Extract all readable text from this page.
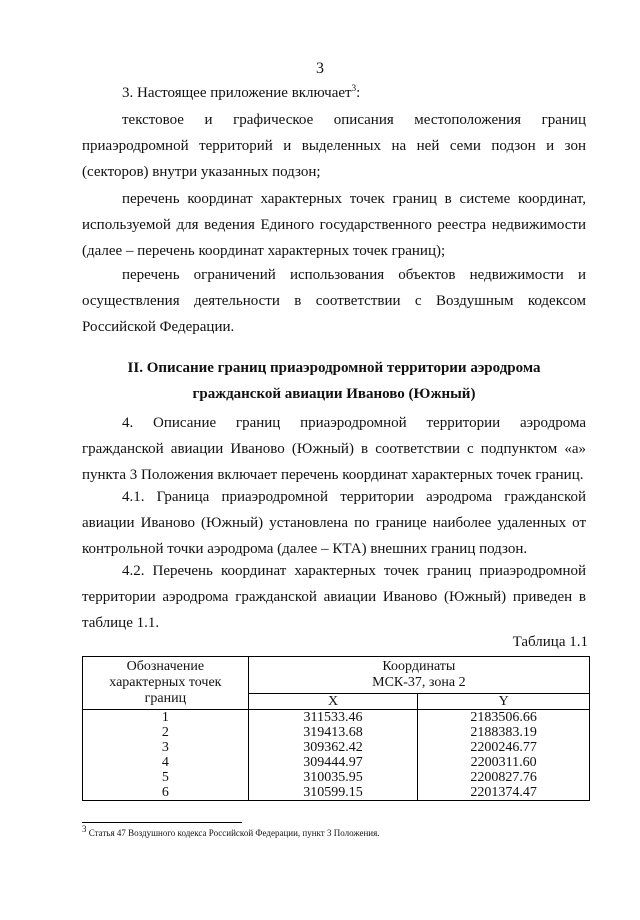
3
3. Настоящее приложение включает$^3$:
текстовое и графическое описания местоположения границ приаэродромной территорий и выделенных на ней семи подзон и зон (секторов) внутри указанных подзон;
перечень координат характерных точек границ в системе координат, используемой для ведения Единого государственного реестра недвижимости (далее – перечень координат характерных точек границ);
перечень ограничений использования объектов недвижимости и осуществления деятельности в соответствии с Воздушным кодексом Российской Федерации.
II. Описание границ приаэродромной территории аэродрома
гражданской авиации Иваново (Южный)
4. Описание границ приаэродромной территории аэродрома гражданской авиации Иваново (Южный) в соответствии с подпунктом «а» пункта 3 Положения включает перечень координат характерных точек границ.
4.1. Граница приаэродромной территории аэродрома гражданской авиации Иваново (Южный) установлена по границе наиболее удаленных от контрольной точки аэродрома (далее – КТА) внешних границ подзон.
4.2. Перечень координат характерных точек границ приаэродромной территории аэродрома гражданской авиации Иваново (Южный) приведен в таблице 1.1.
Таблица 1.1
Обозначение характерных точек границ	Координаты
МСК-37, зона 2	

	X	Y
1	311533.46	2183506.66
2	319413.68	2188383.19
3	309362.42	2200246.77
4	309444.97	2200311.60
5	310035.95	2200827.76
6	310599.15	2201374.47
$^3$ Статья 47 Воздушного кодекса Российской Федерации, пункт 3 Положения.
